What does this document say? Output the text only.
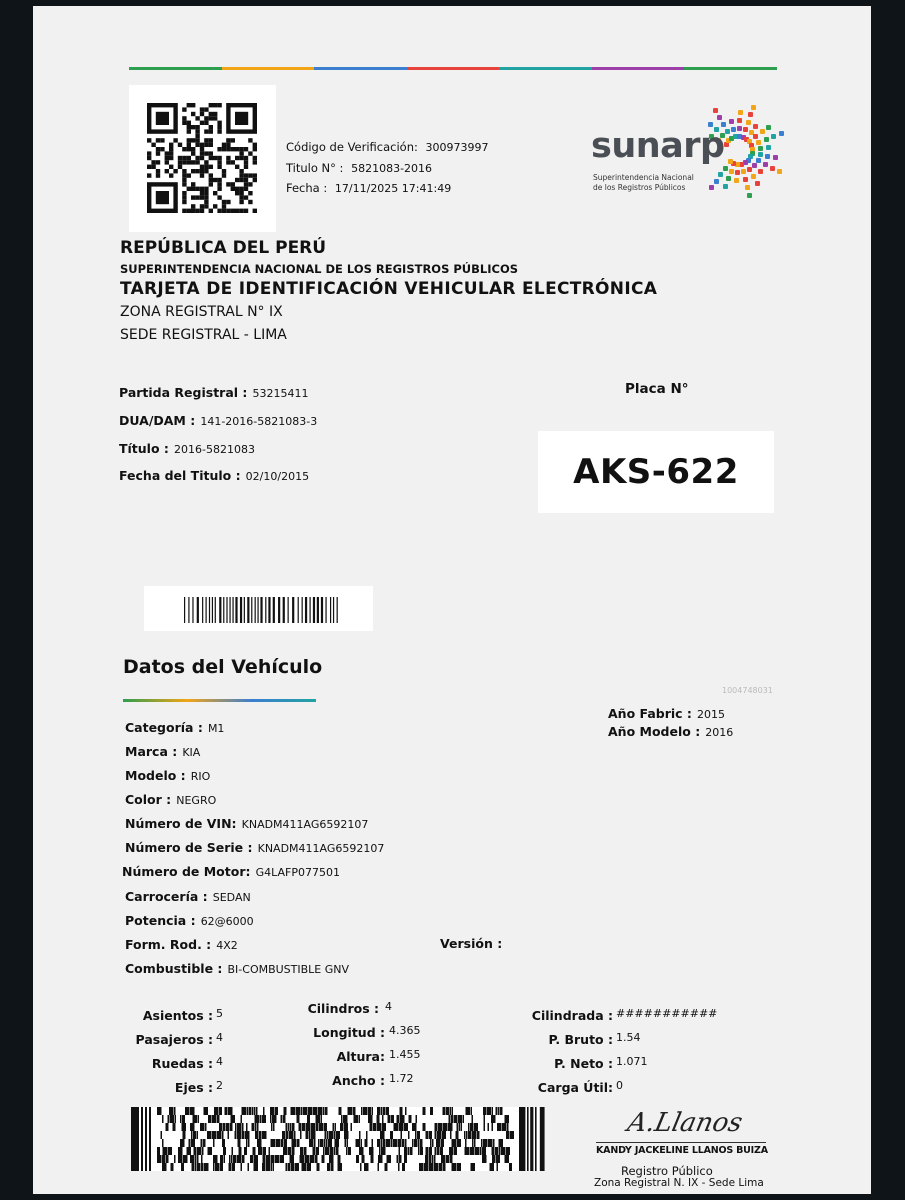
Código de Verificación: 300973997
Titulo N° : 5821083-2016
Fecha : 17/11/2025 17:41:49
sunarp
Superintendencia Nacional
de los Registros Públicos
REPÚBLICA DEL PERÚ
SUPERINTENDENCIA NACIONAL DE LOS REGISTROS PÚBLICOS
TARJETA DE IDENTIFICACIÓN VEHICULAR ELECTRÓNICA
ZONA REGISTRAL N° IX
SEDE REGISTRAL - LIMA
Partida Registral : 53215411
DUA/DAM : 141-2016-5821083-3
Título : 2016-5821083
Fecha del Titulo : 02/10/2015
Placa N°
AKS-622
Datos del Vehículo
1004748031
Año Fabric : 2015
Año Modelo : 2016
Categoría : M1
Marca : KIA
Modelo : RIO
Color : NEGRO
Número de VIN: KNADM411AG6592107
Número de Serie : KNADM411AG6592107
Número de Motor: G4LAFP077501
Carrocería : SEDAN
Potencia : 62@6000
Form. Rod. : 4X2	Versión :
Combustible : BI-COMBUSTIBLE GNV
Asientos : 5
Pasajeros : 4
Ruedas : 4
Ejes : 2
Cilindros : 4
Longitud : 4.365
Altura: 1.455
Ancho : 1.72
Cilindrada : ###########
P. Bruto : 1.54
P. Neto : 1.071
Carga Útil: 0
A.Llanos
KANDY JACKELINE LLANOS BUIZA
Registro Público
Zona Registral N. IX - Sede Lima
